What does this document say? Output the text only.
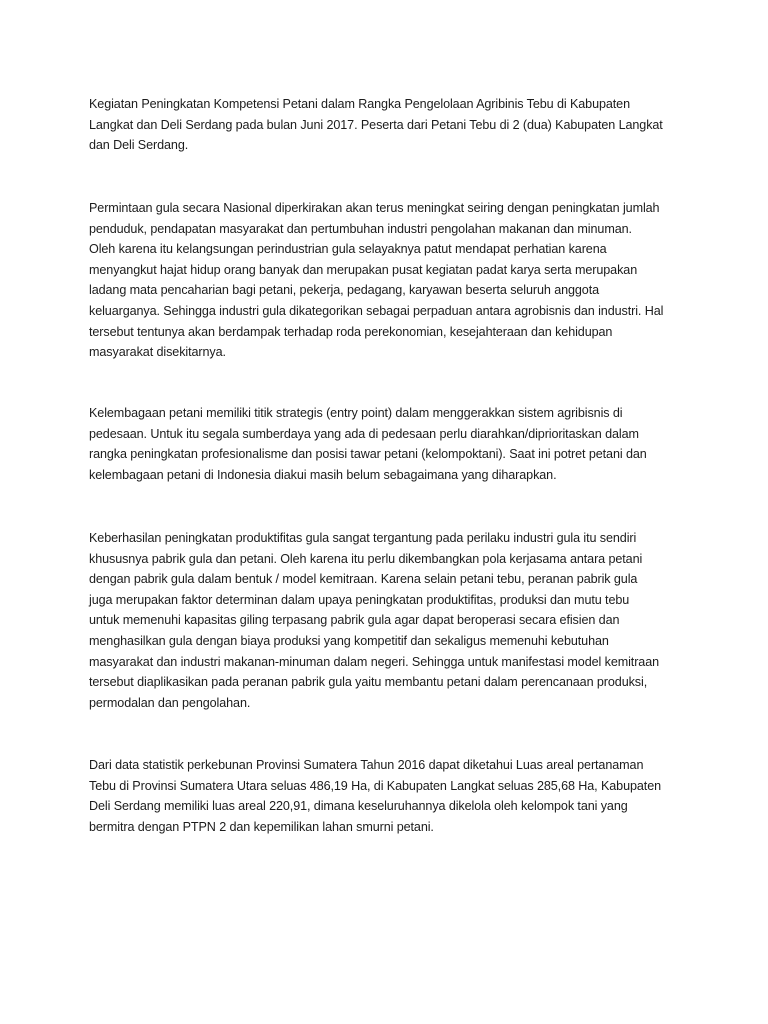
Kegiatan Peningkatan Kompetensi Petani dalam Rangka Pengelolaan Agribinis Tebu di Kabupaten
Langkat dan Deli Serdang pada bulan Juni 2017. Peserta dari Petani Tebu di 2 (dua) Kabupaten Langkat
dan Deli Serdang.

Permintaan gula secara Nasional diperkirakan akan terus meningkat seiring dengan peningkatan jumlah
penduduk, pendapatan masyarakat dan pertumbuhan industri pengolahan makanan dan minuman.
Oleh karena itu kelangsungan perindustrian gula selayaknya patut mendapat perhatian karena
menyangkut hajat hidup orang banyak dan merupakan pusat kegiatan padat karya serta merupakan
ladang mata pencaharian bagi petani, pekerja, pedagang, karyawan beserta seluruh anggota
keluarganya. Sehingga industri gula dikategorikan sebagai perpaduan antara agrobisnis dan industri. Hal
tersebut tentunya akan berdampak terhadap roda perekonomian, kesejahteraan dan kehidupan
masyarakat disekitarnya.

Kelembagaan petani memiliki titik strategis (entry point) dalam menggerakkan sistem agribisnis di
pedesaan. Untuk itu segala sumberdaya yang ada di pedesaan perlu diarahkan/diprioritaskan dalam
rangka peningkatan profesionalisme dan posisi tawar petani (kelompoktani). Saat ini potret petani dan
kelembagaan petani di Indonesia diakui masih belum sebagaimana yang diharapkan.

Keberhasilan peningkatan produktifitas gula sangat tergantung pada perilaku industri gula itu sendiri
khususnya pabrik gula dan petani. Oleh karena itu perlu dikembangkan pola kerjasama antara petani
dengan pabrik gula dalam bentuk / model kemitraan. Karena selain petani tebu, peranan pabrik gula
juga merupakan faktor determinan dalam upaya peningkatan produktifitas, produksi dan mutu tebu
untuk memenuhi kapasitas giling terpasang pabrik gula agar dapat beroperasi secara efisien dan
menghasilkan gula dengan biaya produksi yang kompetitif dan sekaligus memenuhi kebutuhan
masyarakat dan industri makanan-minuman dalam negeri. Sehingga untuk manifestasi model kemitraan
tersebut diaplikasikan pada peranan pabrik gula yaitu membantu petani dalam perencanaan produksi,
permodalan dan pengolahan.

Dari data statistik perkebunan Provinsi Sumatera Tahun 2016 dapat diketahui Luas areal pertanaman
Tebu di Provinsi Sumatera Utara seluas 486,19 Ha, di Kabupaten Langkat seluas 285,68 Ha, Kabupaten
Deli Serdang memiliki luas areal 220,91, dimana keseluruhannya dikelola oleh kelompok tani yang
bermitra dengan PTPN 2 dan kepemilikan lahan smurni petani.
